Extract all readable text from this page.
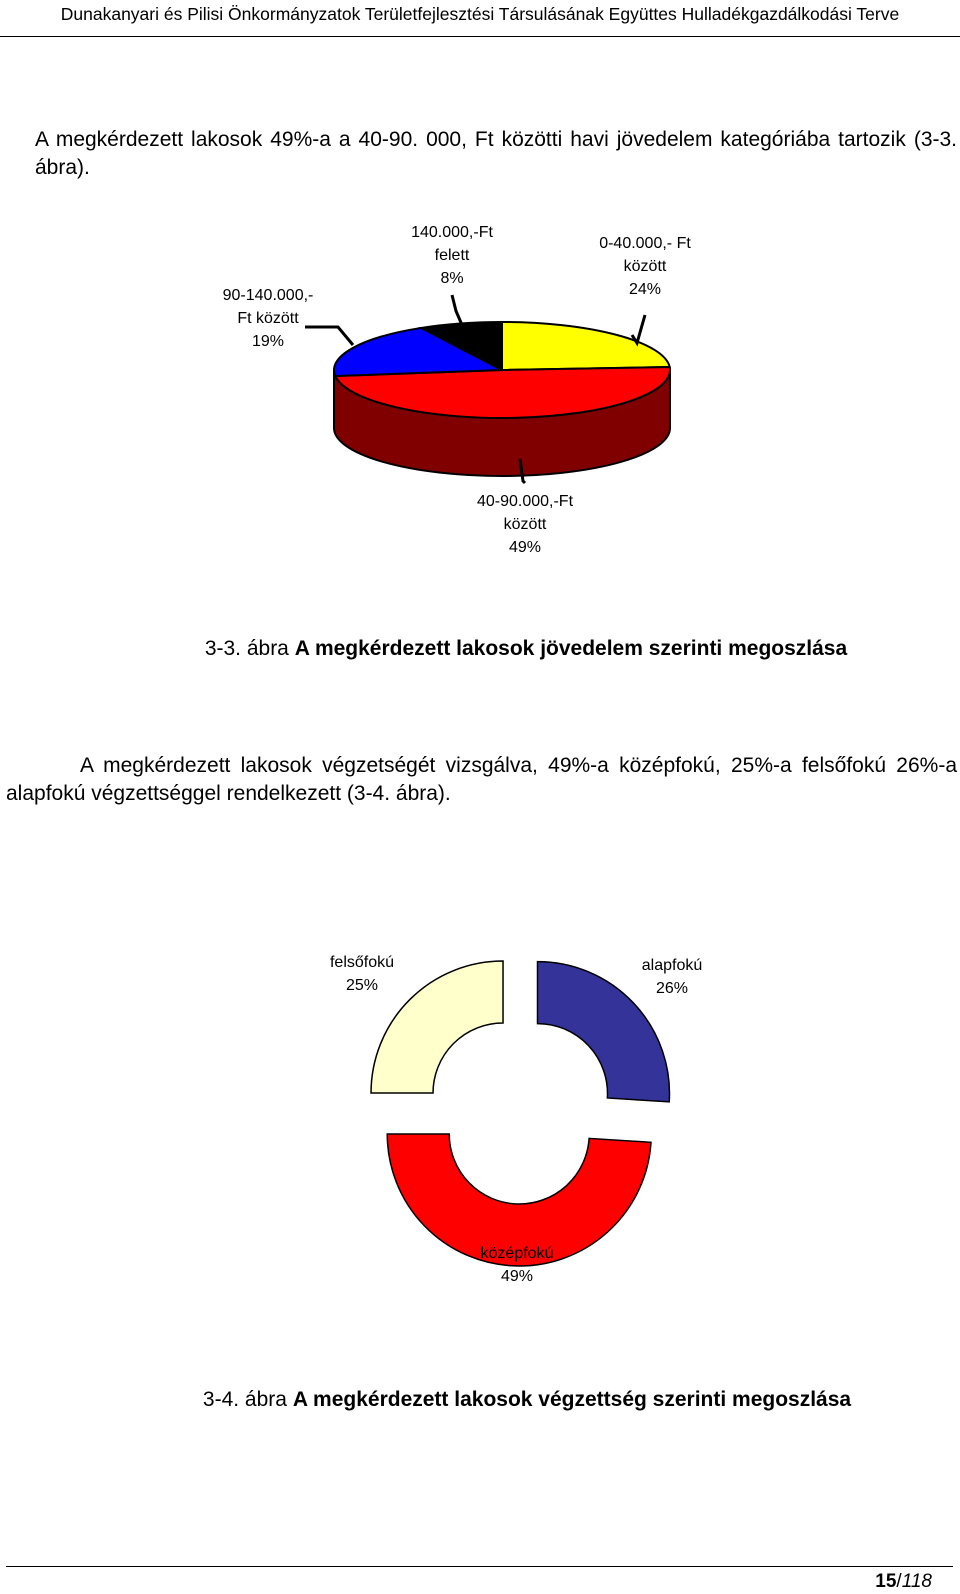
Dunakanyari és Pilisi Önkormányzatok Területfejlesztési Társulásának Együttes Hulladékgazdálkodási Terve
A megkérdezett lakosok 49%-a a 40-90. 000, Ft közötti havi jövedelem kategóriába tartozik (3-3. ábra).
0-40.000,- Ft között 24%
40-90.000,-Ft között 49%
90-140.000,-Ft között 19%
140.000,-Ft felett 8%
3-3. ábra A megkérdezett lakosok jövedelem szerinti megoszlása
A megkérdezett lakosok végzetségét vizsgálva, 49%-a középfokú, 25%-a felsőfokú 26%-a alapfokú végzettséggel rendelkezett (3-4. ábra).
alapfokú 26%
középfokú 49%
felsőfokú 25%
3-4. ábra A megkérdezett lakosok végzettség szerinti megoszlása
15/118
